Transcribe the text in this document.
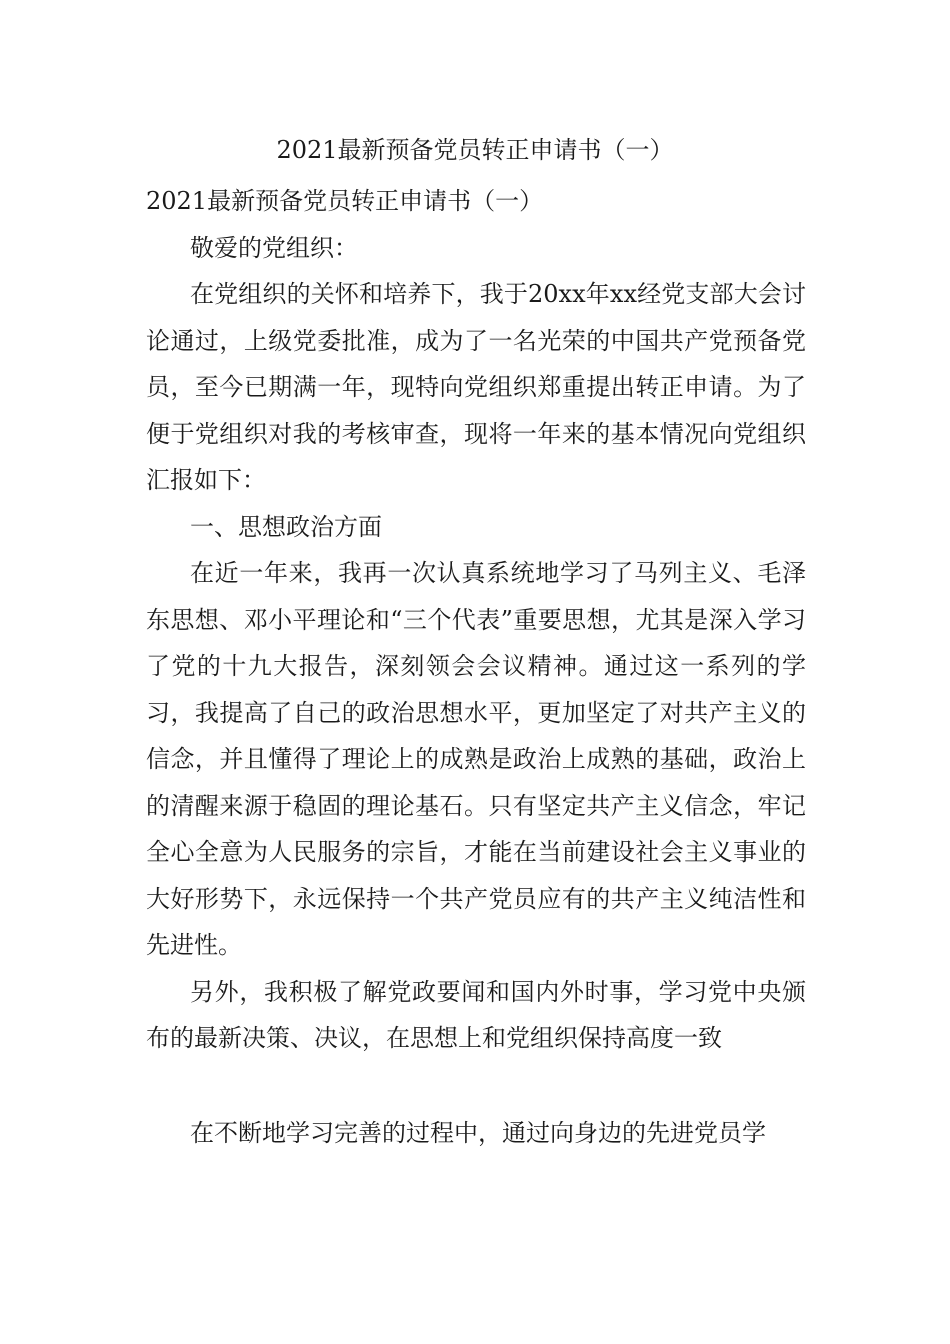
2021最新预备党员转正申请书（一）

2021最新预备党员转正申请书（一）

敬爱的党组织：

在党组织的关怀和培养下，我于20xx年xx经党支部大会讨论通过，上级党委批准，成为了一名光荣的中国共产党预备党员，至今已期满一年，现特向党组织郑重提出转正申请。为了便于党组织对我的考核审查，现将一年来的基本情况向党组织汇报如下：

一、思想政治方面

在近一年来，我再一次认真系统地学习了马列主义、毛泽东思想、邓小平理论和“三个代表”重要思想，尤其是深入学习了党的十九大报告，深刻领会会议精神。通过这一系列的学习，我提高了自己的政治思想水平，更加坚定了对共产主义的信念，并且懂得了理论上的成熟是政治上成熟的基础，政治上的清醒来源于稳固的理论基石。只有坚定共产主义信念，牢记全心全意为人民服务的宗旨，才能在当前建设社会主义事业的大好形势下，永远保持一个共产党员应有的共产主义纯洁性和先进性。

另外，我积极了解党政要闻和国内外时事，学习党中央颁布的最新决策、决议，在思想上和党组织保持高度一致

在不断地学习完善的过程中，通过向身边的先进党员学
